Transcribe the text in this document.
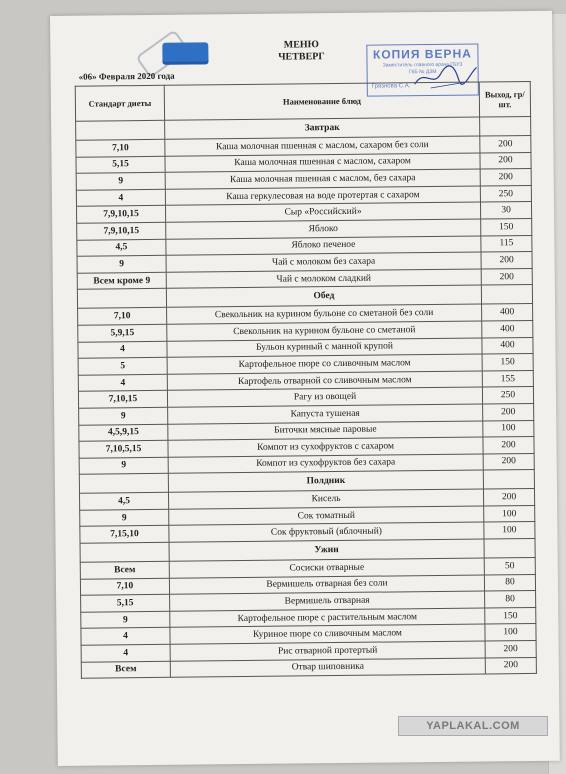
МЕНЮ
ЧЕТВЕРГ
«06» Февраля 2020 года
КОПИЯ ВЕРНА
Заместитель главного врача ГБУЗ
ГКБ № ДЗМ
Грязнова С.А.
Стандарт диеты	Наименование блюд	Выход, гр/шт.
	Завтрак	
7,10	Каша молочная пшенная с маслом, сахаром без соли	200
5,15	Каша молочная пшенная с маслом, сахаром	200
9	Каша молочная пшенная с маслом, без сахара	200
4	Каша геркулесовая на воде протертая с сахаром	250
7,9,10,15	Сыр «Российский»	30
7,9,10,15	Яблоко	150
4,5	Яблоко печеное	115
9	Чай с молоком без сахара	200
Всем кроме 9	Чай с молоком сладкий	200
	Обед	
7,10	Свекольник на курином бульоне со сметаной без соли	400
5,9,15	Свекольник на курином бульоне со сметаной	400
4	Бульон куриный с манной крупой	400
5	Картофельное пюре со сливочным маслом	150
4	Картофель отварной со сливочным маслом	155
7,10,15	Рагу из овощей	250
9	Капуста тушеная	200
4,5,9,15	Биточки мясные паровые	100
7,10,5,15	Компот из сухофруктов с сахаром	200
9	Компот из сухофруктов без сахара	200
	Полдник	
4,5	Кисель	200
9	Сок томатный	100
7,15,10	Сок фруктовый (яблочный)	100
	Ужин	
Всем	Сосиски отварные	50
7,10	Вермишель отварная без соли	80
5,15	Вермишель отварная	80
9	Картофельное пюре с растительным маслом	150
4	Куриное пюре со сливочным маслом	100
4	Рис отварной протертый	200
Всем	Отвар шиповника	200
YAPLAKAL.COM
